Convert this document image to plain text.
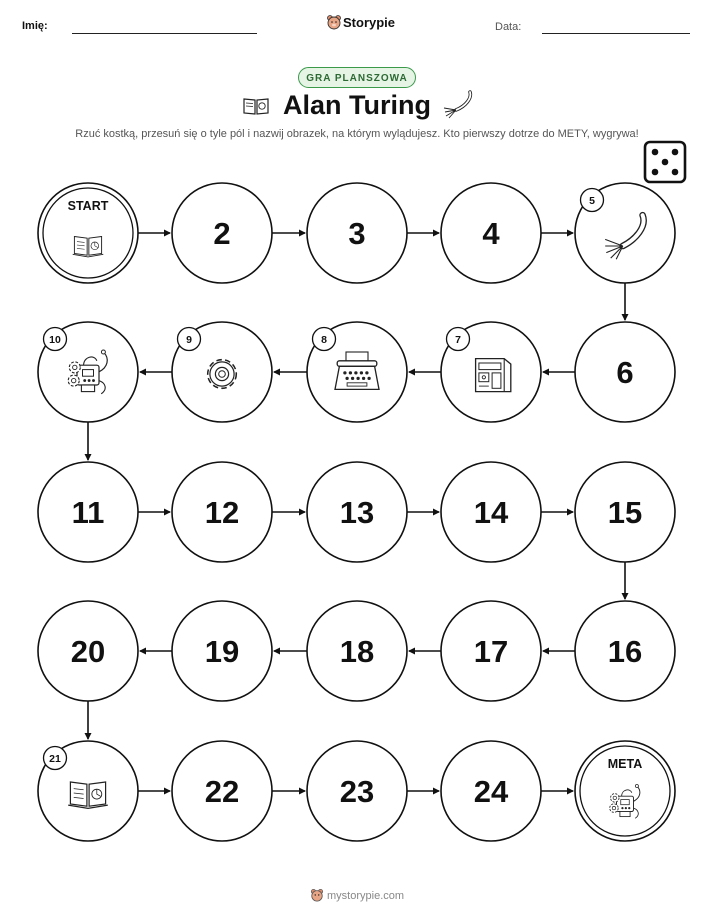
Imię:	Storypie	Data:
GRA PLANSZOWA
Alan Turing
Rzuć kostką, przesuń się o tyle pól i nazwij obrazek, na którym wylądujesz. Kto pierwszy dotrze do METY, wygrywa!
START
2	3	4
5
6
7
8
9
10
11	12	13	14	15
16
17
18
19
20
21
22	23	24
META
mystorypie.com
